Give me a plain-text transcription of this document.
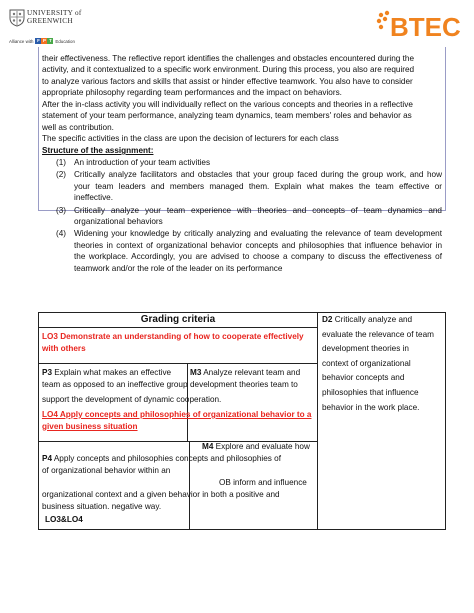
UNIVERSITY of GREENWICH
Alliance with F P T Education	BTEC
their effectiveness. The reflective report identifies the challenges and obstacles encountered during the
activity, and it contextualized to a specific work environment. During this process, you also are required
to analyze various factors and skills that assist or hinder effective teamwork. You also have to consider
appropriate philosophy regarding team performances and the impact on behaviors.
After the in-class activity you will individually reflect on the various concepts and theories in a reflective
statement of your team performance, analyzing team dynamics, team members' roles and behavior as
well as contribution.
The specific activities in the class are upon the decision of lecturers for each class
Structure of the assignment:
(1) An introduction of your team activities
(2) Critically analyze facilitators and obstacles that your group faced during the group work, and how your team leaders and members managed them. Explain what makes the team effective or ineffective.
(3) Critically analyze your team experience with theories and concepts of team dynamics and organizational behaviors
(4) Widening your knowledge by critically analyzing and evaluating the relevance of team development theories in context of organizational behavior concepts and philosophies that influence behavior in the workplace. Accordingly, you are advised to choose a company to discuss the effectiveness of teamwork and/or the role of the leader on its performance
Grading criteria
LO3 Demonstrate an understanding of how to cooperate effectively with others
P3 Explain what makes an effective	M3 Analyze relevant team and
team as opposed to an ineffective group development theories team to
support the development of dynamic cooperation.
LO4 Apply concepts and philosophies of organizational behavior to a given business situation
M4 Explore and evaluate how
P4 Apply concepts and philosophies concepts and philosophies of
of organizational behavior within an
OB inform and influence
organizational context and a given behavior in both a positive and
business situation. negative way.
LO3&LO4
D2 Critically analyze and
evaluate the relevance of team
development theories in
context of organizational
behavior concepts and
philosophies that influence
behavior in the work place.
